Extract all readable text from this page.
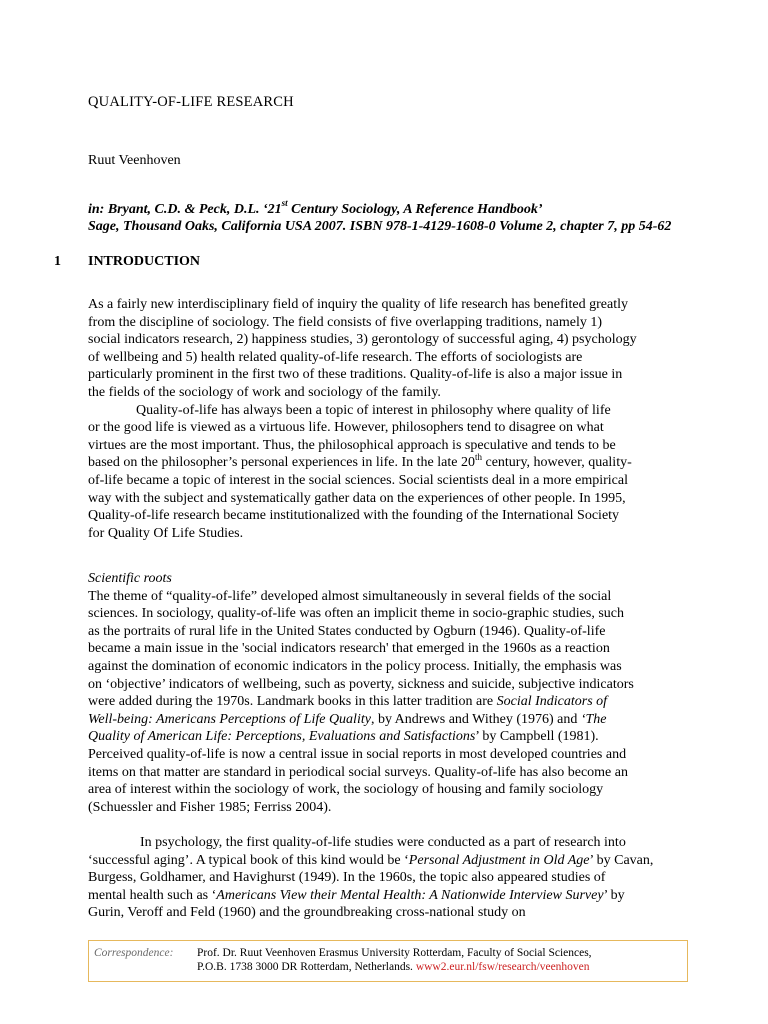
QUALITY-OF-LIFE RESEARCH
Ruut Veenhoven
in: Bryant, C.D. & Peck, D.L. ‘21st Century Sociology, A Reference Handbook’
Sage, Thousand Oaks, California USA 2007. ISBN 978-1-4129-1608-0 Volume 2, chapter 7, pp 54-62
1 INTRODUCTION
As a fairly new interdisciplinary field of inquiry the quality of life research has benefited greatly
from the discipline of sociology. The field consists of five overlapping traditions, namely 1)
social indicators research, 2) happiness studies, 3) gerontology of successful aging, 4) psychology
of wellbeing and 5) health related quality-of-life research. The efforts of sociologists are
particularly prominent in the first two of these traditions. Quality-of-life is also a major issue in
the fields of the sociology of work and sociology of the family.
Quality-of-life has always been a topic of interest in philosophy where quality of life
or the good life is viewed as a virtuous life. However, philosophers tend to disagree on what
virtues are the most important. Thus, the philosophical approach is speculative and tends to be
based on the philosopher’s personal experiences in life. In the late 20th century, however, quality-
of-life became a topic of interest in the social sciences. Social scientists deal in a more empirical
way with the subject and systematically gather data on the experiences of other people. In 1995,
Quality-of-life research became institutionalized with the founding of the International Society
for Quality Of Life Studies.
Scientific roots
The theme of “quality-of-life” developed almost simultaneously in several fields of the social
sciences. In sociology, quality-of-life was often an implicit theme in socio-graphic studies, such
as the portraits of rural life in the United States conducted by Ogburn (1946). Quality-of-life
became a main issue in the 'social indicators research' that emerged in the 1960s as a reaction
against the domination of economic indicators in the policy process. Initially, the emphasis was
on ‘objective’ indicators of wellbeing, such as poverty, sickness and suicide, subjective indicators
were added during the 1970s. Landmark books in this latter tradition are Social Indicators of
Well-being: Americans Perceptions of Life Quality, by Andrews and Withey (1976) and ‘The
Quality of American Life: Perceptions, Evaluations and Satisfactions’ by Campbell (1981).
Perceived quality-of-life is now a central issue in social reports in most developed countries and
items on that matter are standard in periodical social surveys. Quality-of-life has also become an
area of interest within the sociology of work, the sociology of housing and family sociology
(Schuessler and Fisher 1985; Ferriss 2004).
In psychology, the first quality-of-life studies were conducted as a part of research into
‘successful aging’. A typical book of this kind would be ‘Personal Adjustment in Old Age’ by Cavan,
Burgess, Goldhamer, and Havighurst (1949). In the 1960s, the topic also appeared studies of
mental health such as ‘Americans View their Mental Health: A Nationwide Interview Survey’ by
Gurin, Veroff and Feld (1960) and the groundbreaking cross-national study on
Correspondence: Prof. Dr. Ruut Veenhoven Erasmus University Rotterdam, Faculty of Social Sciences,
P.O.B. 1738 3000 DR Rotterdam, Netherlands. www2.eur.nl/fsw/research/veenhoven
